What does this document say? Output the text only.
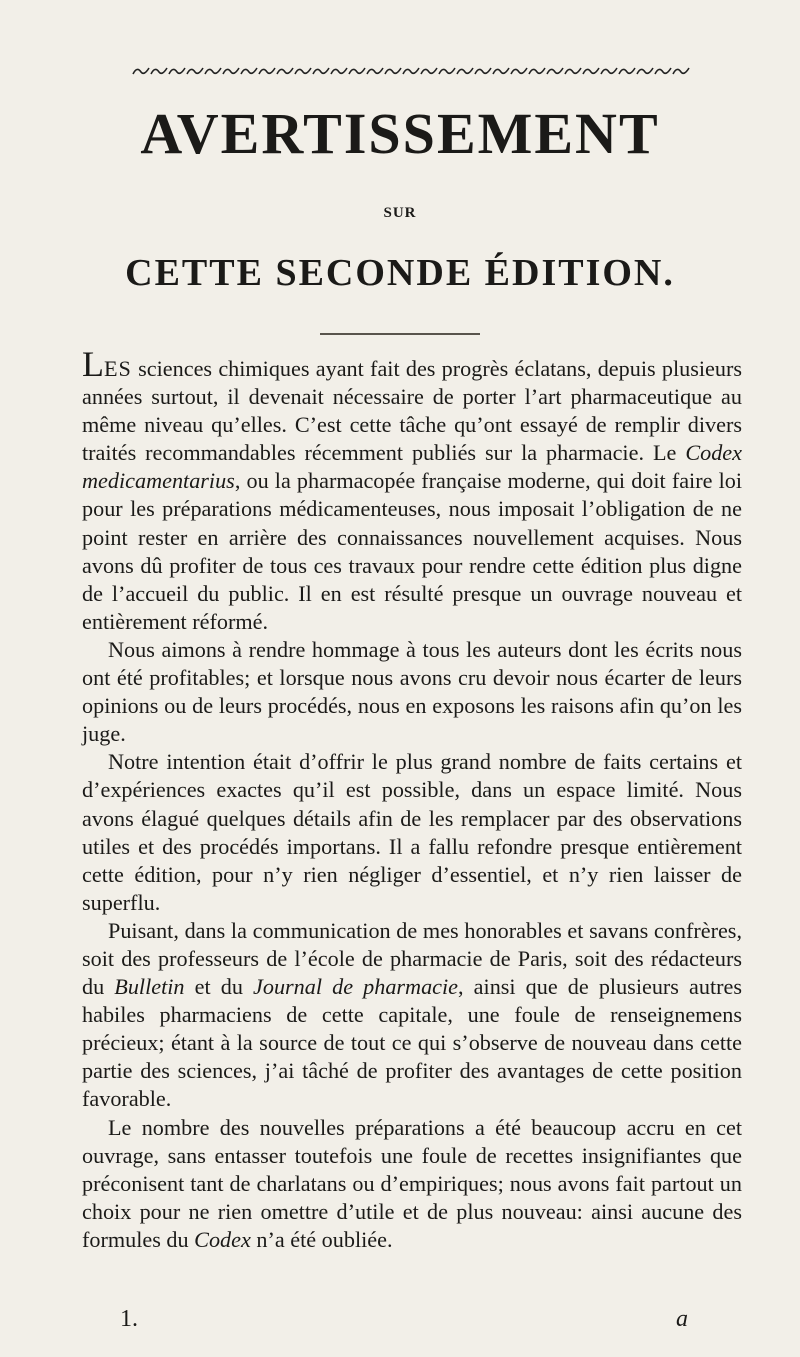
AVERTISSEMENT
SUR
CETTE SECONDE ÉDITION.

LES sciences chimiques ayant fait des progrès éclatans, depuis plusieurs années surtout, il devenait nécessaire de porter l’art pharmaceutique au même niveau qu’elles. C’est cette tâche qu’ont essayé de remplir divers traités recommandables récemment publiés sur la pharmacie. Le Codex medicamentarius, ou la pharmacopée française moderne, qui doit faire loi pour les préparations médicamenteuses, nous imposait l’obligation de ne point rester en arrière des connaissances nouvellement acquises. Nous avons dû profiter de tous ces travaux pour rendre cette édition plus digne de l’accueil du public. Il en est résulté presque un ouvrage nouveau et entièrement réformé.

Nous aimons à rendre hommage à tous les auteurs dont les écrits nous ont été profitables; et lorsque nous avons cru devoir nous écarter de leurs opinions ou de leurs procédés, nous en exposons les raisons afin qu’on les juge.

Notre intention était d’offrir le plus grand nombre de faits certains et d’expériences exactes qu’il est possible, dans un espace limité. Nous avons élagué quelques détails afin de les remplacer par des observations utiles et des procédés importans. Il a fallu refondre presque entièrement cette édition, pour n’y rien négliger d’essentiel, et n’y rien laisser de superflu.

Puisant, dans la communication de mes honorables et savans confrères, soit des professeurs de l’école de pharmacie de Paris, soit des rédacteurs du Bulletin et du Journal de pharmacie, ainsi que de plusieurs autres habiles pharmaciens de cette capitale, une foule de renseignemens précieux; étant à la source de tout ce qui s’observe de nouveau dans cette partie des sciences, j’ai tâché de profiter des avantages de cette position favorable.

Le nombre des nouvelles préparations a été beaucoup accru en cet ouvrage, sans entasser toutefois une foule de recettes insignifiantes que préconisent tant de charlatans ou d’empiriques; nous avons fait partout un choix pour ne rien omettre d’utile et de plus nouveau: ainsi aucune des formules du Codex n’a été oubliée.

1.	a
